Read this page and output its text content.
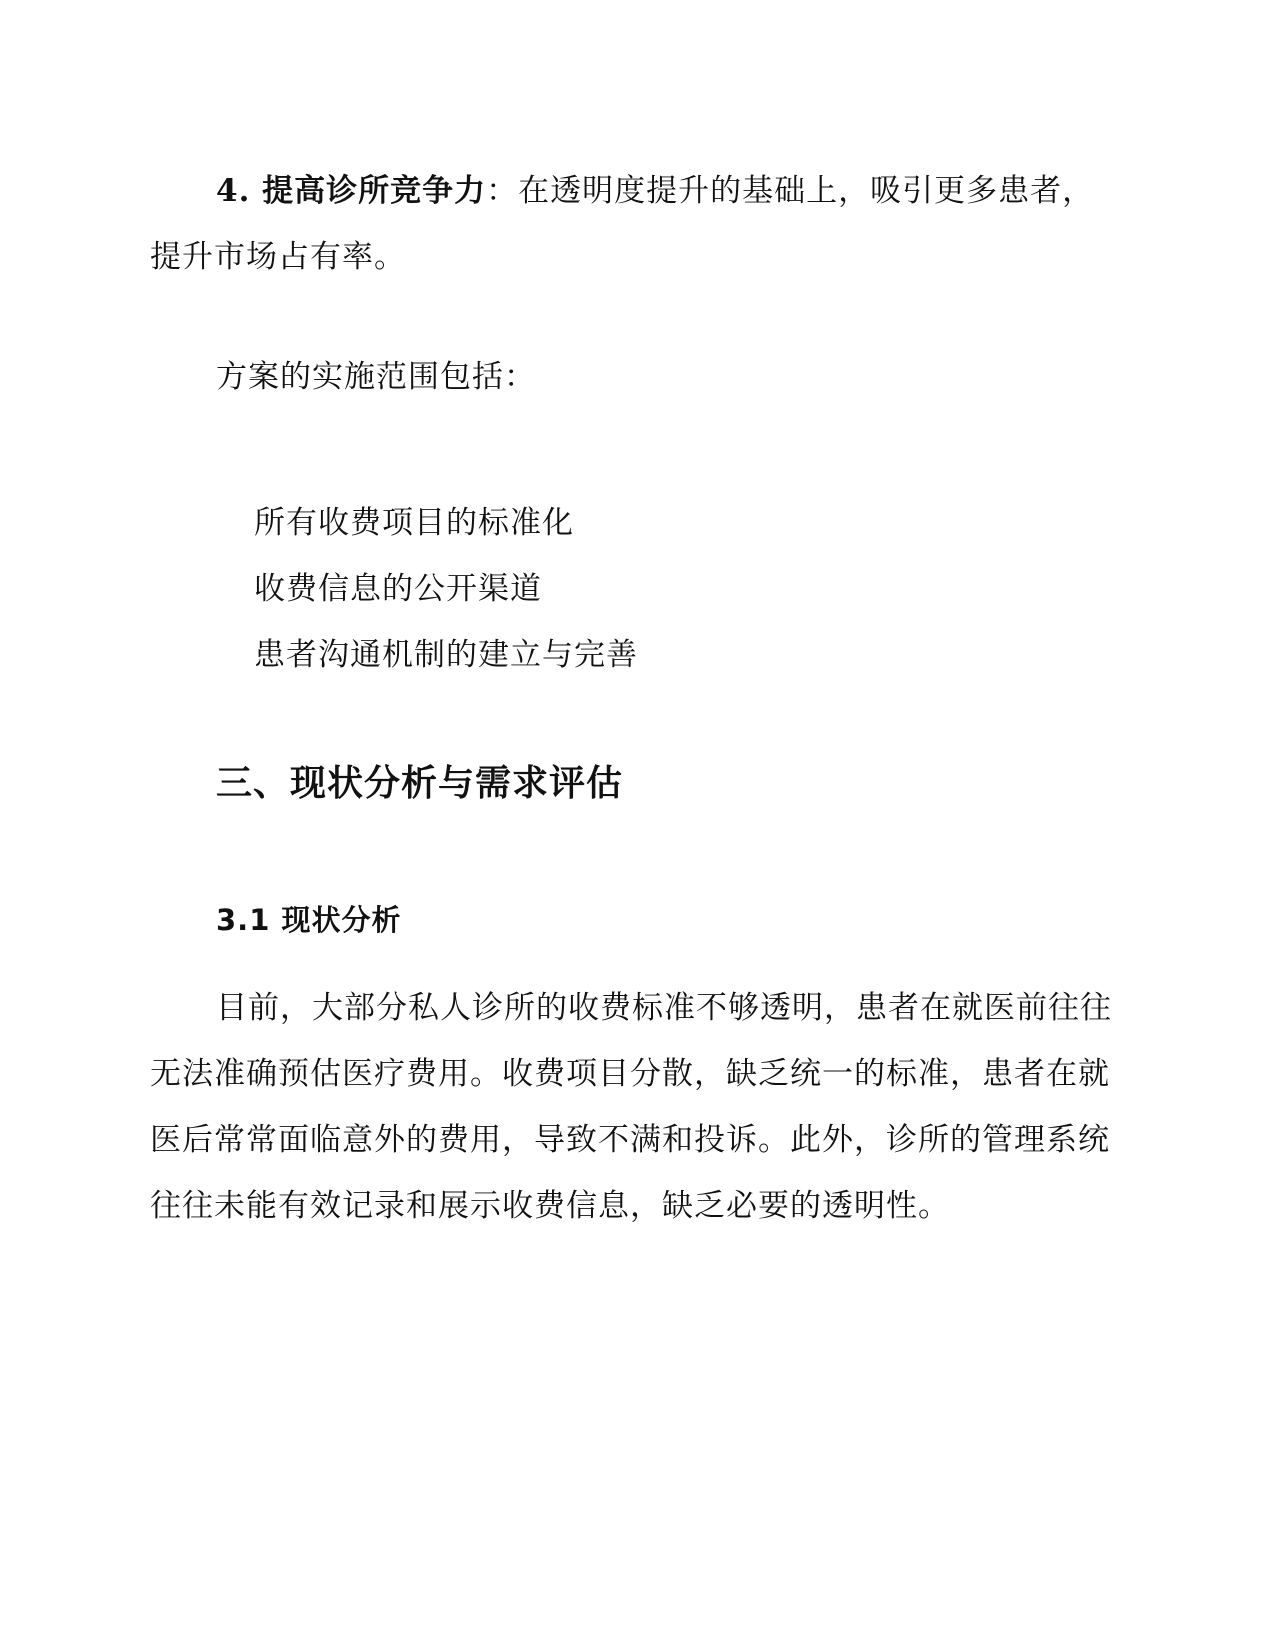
4. 提高诊所竞争力：在透明度提升的基础上，吸引更多患者，提升市场占有率。

方案的实施范围包括：

所有收费项目的标准化
收费信息的公开渠道
患者沟通机制的建立与完善
三、现状分析与需求评估
3.1 现状分析

目前，大部分私人诊所的收费标准不够透明，患者在就医前往往无法准确预估医疗费用。收费项目分散，缺乏统一的标准，患者在就医后常常面临意外的费用，导致不满和投诉。此外，诊所的管理系统往往未能有效记录和展示收费信息，缺乏必要的透明性。
